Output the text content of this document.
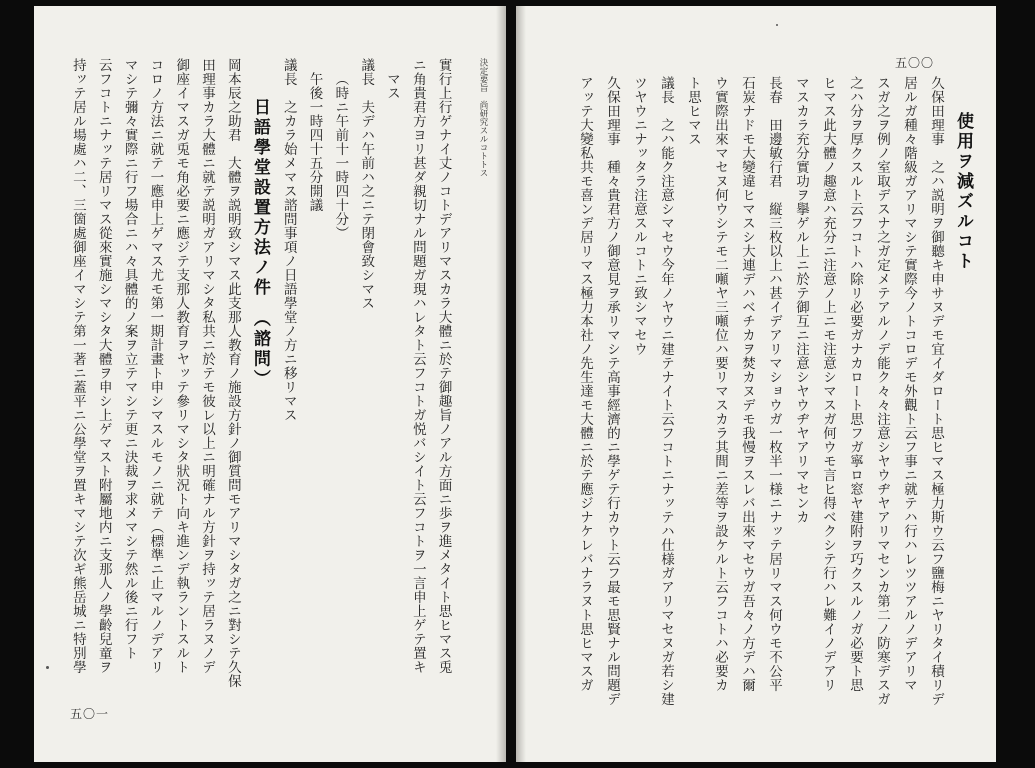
決定要旨　尚研究スルコトトス
實行上行ゲナイ丈ノコトデアリマスカラ大體ニ於テ御趣旨ノアル方面ニ歩ヲ進メタイト思ヒマス兎
ニ角貴君方ヨリ甚ダ親切ナル問題ガ現ハレタト云フコトガ悦バシイト云フコトヲ一言申上ゲテ置キ
マス
議長　夫デハ午前ハ之ニテ閉會致シマス
（時ニ午前十一時四十分）
午後一時四十五分開議
議長　之カラ始メマス諮問事項ノ日語學堂ノ方ニ移リマス
日語學堂設置方法ノ件　（諮問）
岡本辰之助君　大體ヲ説明致シマス此支那人教育ノ施設方針ノ御質問モアリマシタガ之ニ對シテ久保
田理事カラ大體ニ就テ説明ガアリマシタ私共ニ於テモ彼レ以上ニ明確ナル方針ヲ持ッテ居ラヌノデ
御座イマスガ兎モ角必要ニ應ジテ支那人教育ヲヤッテ參リマシタ狀況ト向キ進ンデ執ラントスルト
コロノ方法ニ就テ一應申上ゲマス尤モ第一期計畫ト申シマスルモノニ就テ（標準ニ止マルノデアリ
マシテ彌々實際ニ行フ場合ニハ々具體的ノ案ヲ立テマシテ更ニ決裁ヲ求メマシテ然ル後ニ行フト
云フコトニナッテ居リマス從來實施シマシタ大體ヲ申シ上ゲマスト附屬地内ニ支那人ノ學齡兒童ヲ
持ッテ居ル場處ハ二、三箇處御座イマシテ第一著ニ蓋平ニ公學堂ヲ置キマシテ次ギ熊岳城ニ特別學
五〇一
使用ヲ減ズルコト
久保田理事　之ハ説明ヲ御聽キ申サヌデモ宜イダロート思ヒマス極力斯ウ云フ鹽梅ニヤリタイ積リデ
居ルガ種々階級ガアリマシテ實際今ノトコロデモ外觀ト云フ事ニ就テハ行ハレツツアルノデアリマ
スガ之ヲ例ノ室取デスナ之ガ定メテアルノデ能ク々々注意シヤウヂヤアリマセンカ第二ノ防寒デスガ
之ハ分ヲ厚クスルト云フコトハ除リ必要ガナカロート思フガ寧ロ窓ヤ建附ヲ巧クスルノガ必要ト思
ヒマス此大體ノ趣意ハ充分ニ注意ノ上ニモ注意シマスガ何ウモ言ヒ得ベクシテ行ハレ難イノデアリ
マスカラ充分實功ヲ擧ゲル上ニ於テ御互ニ注意シヤウヂヤアリマセンカ
長春　田邊敏行君　縦三枚以上ハ甚イデアリマショウガ一枚半一様ニナッテ居リマス何ウモ不公平
石炭ナドモ大變違ヒマスシ大連デハベチカヲ焚カヌデモ我慢ヲスレバ出來マセウガ吾々ノ方デハ爾
ウ實際出來マセヌ何ウシテモ二噸ヤ三噸位ハ要リマスカラ其間ニ差等ヲ設ケルト云フコトハ必要カ
ト思ヒマス
議長　之ハ能ク注意シマセウ今年ノヤウニ建テナイト云フコトニナッテハ仕様ガアリマセヌガ若シ建
ツヤウニナッタラ注意スルコトニ致シマセウ
久保田理事　種々貴君方ノ御意見ヲ承リマシテ高事經濟的ニ學ゲテ行カウト云フ最モ思賢ナル問題デ
アッテ大變私共モ喜ンデ居リマス極力本社ノ先生達モ大體ニ於テ應ジナケレバナラヌト思ヒマスガ
五〇〇
